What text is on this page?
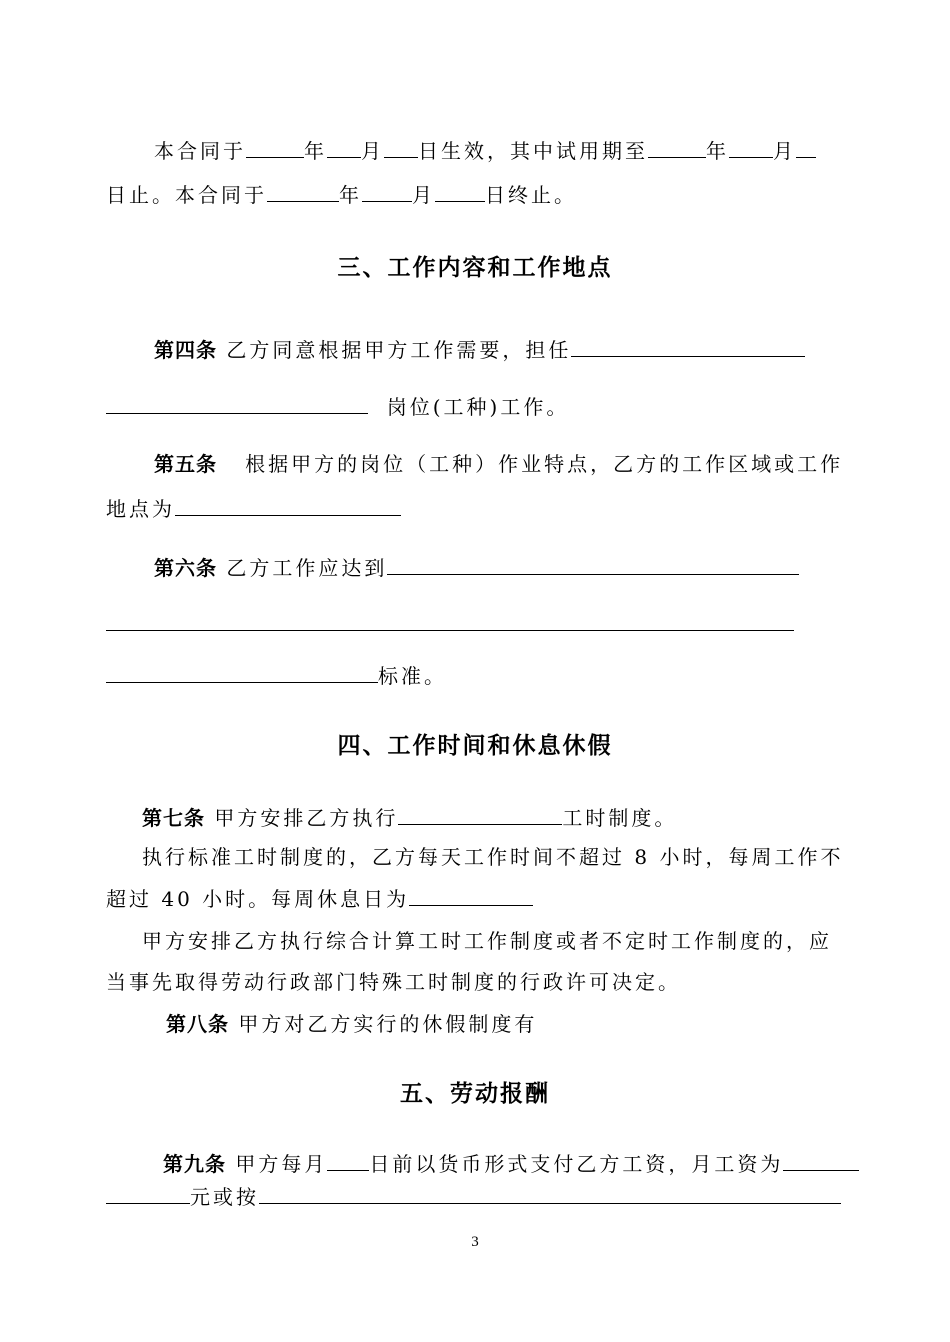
本合同于	年 月 日生效，其中试用期至	年 月
日止。本合同于	年	月	日终止。
三、工作内容和工作地点
第四条 乙方同意根据甲方工作需要，担任
岗位(工种)工作。
第五条 根据甲方的岗位（工种）作业特点，乙方的工作区域或工作
地点为
第六条 乙方工作应达到
标准。
四、工作时间和休息休假
第七条 甲方安排乙方执行	工时制度。
执行标准工时制度的，乙方每天工作时间不超过 8 小时，每周工作不
超过 40 小时。每周休息日为
甲方安排乙方执行综合计算工时工作制度或者不定时工作制度的，应
当事先取得劳动行政部门特殊工时制度的行政许可决定。
第八条 甲方对乙方实行的休假制度有
五、劳动报酬
第九条 甲方每月 日前以货币形式支付乙方工资，月工资为
元或按
3
